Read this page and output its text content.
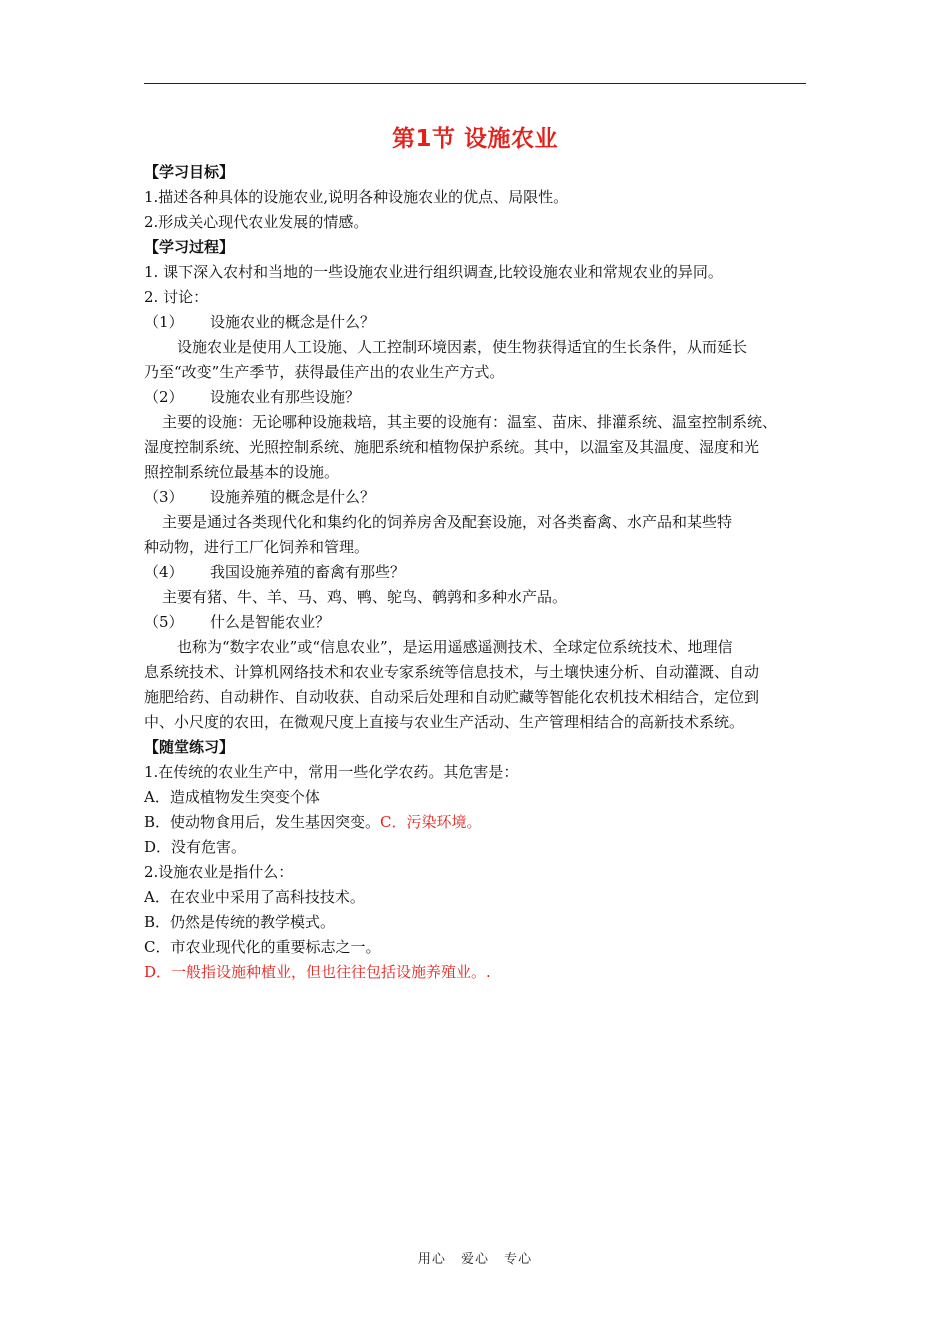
第1节 设施农业
【学习目标】
1.描述各种具体的设施农业,说明各种设施农业的优点、局限性。
2.形成关心现代农业发展的情感。
【学习过程】
1. 课下深入农村和当地的一些设施农业进行组织调查,比较设施农业和常规农业的异同。
2. 讨论：
（1） 设施农业的概念是什么？
设施农业是使用人工设施、人工控制环境因素，使生物获得适宜的生长条件，从而延长
乃至“改变”生产季节，获得最佳产出的农业生产方式。
（2） 设施农业有那些设施？
主要的设施：无论哪种设施栽培，其主要的设施有：温室、苗床、排灌系统、温室控制系统、
湿度控制系统、光照控制系统、施肥系统和植物保护系统。其中，以温室及其温度、湿度和光
照控制系统位最基本的设施。
（3） 设施养殖的概念是什么？
主要是通过各类现代化和集约化的饲养房舍及配套设施，对各类畜禽、水产品和某些特
种动物，进行工厂化饲养和管理。
（4） 我国设施养殖的畜禽有那些？
主要有猪、牛、羊、马、鸡、鸭、鸵鸟、鹌鹑和多种水产品。
（5） 什么是智能农业？
也称为“数字农业”或“信息农业”，是运用遥感遥测技术、全球定位系统技术、地理信
息系统技术、计算机网络技术和农业专家系统等信息技术，与土壤快速分析、自动灌溉、自动
施肥给药、自动耕作、自动收获、自动采后处理和自动贮藏等智能化农机技术相结合，定位到
中、小尺度的农田，在微观尺度上直接与农业生产活动、生产管理相结合的高新技术系统。
【随堂练习】
1.在传统的农业生产中，常用一些化学农药。其危害是：
A．造成植物发生突变个体
B．使动物食用后，发生基因突变。C．污染环境。
D．没有危害。
2.设施农业是指什么：
A．在农业中采用了高科技技术。
B．仍然是传统的教学模式。
C．市农业现代化的重要标志之一。
D．一般指设施种植业，但也往往包括设施养殖业。.
用心 爱心 专心
